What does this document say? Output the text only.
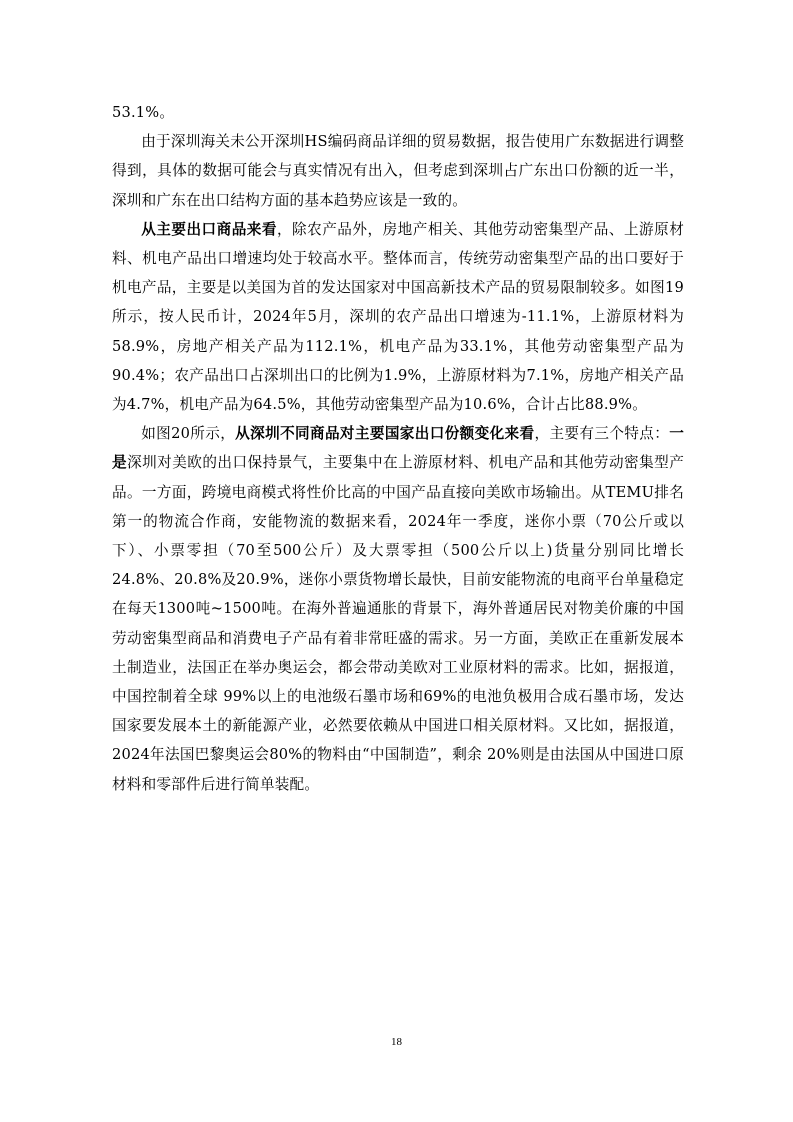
53.1%。

由于深圳海关未公开深圳HS编码商品详细的贸易数据，报告使用广东数据进行调整得到，具体的数据可能会与真实情况有出入，但考虑到深圳占广东出口份额的近一半，深圳和广东在出口结构方面的基本趋势应该是一致的。

从主要出口商品来看，除农产品外，房地产相关、其他劳动密集型产品、上游原材料、机电产品出口增速均处于较高水平。整体而言，传统劳动密集型产品的出口要好于机电产品，主要是以美国为首的发达国家对中国高新技术产品的贸易限制较多。如图19所示，按人民币计，2024年5月，深圳的农产品出口增速为-11.1%，上游原材料为58.9%，房地产相关产品为112.1%，机电产品为33.1%，其他劳动密集型产品为90.4%；农产品出口占深圳出口的比例为1.9%，上游原材料为7.1%，房地产相关产品为4.7%，机电产品为64.5%，其他劳动密集型产品为10.6%，合计占比88.9%。

如图20所示，从深圳不同商品对主要国家出口份额变化来看，主要有三个特点：一是深圳对美欧的出口保持景气，主要集中在上游原材料、机电产品和其他劳动密集型产品。一方面，跨境电商模式将性价比高的中国产品直接向美欧市场输出。从TEMU排名第一的物流合作商，安能物流的数据来看，2024年一季度，迷你小票（70公斤或以下）、小票零担（70至500公斤）及大票零担（500公斤以上)货量分别同比增长24.8%、20.8%及20.9%，迷你小票货物增长最快，目前安能物流的电商平台单量稳定在每天1300吨~1500吨。在海外普遍通胀的背景下，海外普通居民对物美价廉的中国劳动密集型商品和消费电子产品有着非常旺盛的需求。另一方面，美欧正在重新发展本土制造业，法国正在举办奥运会，都会带动美欧对工业原材料的需求。比如，据报道，中国控制着全球 99%以上的电池级石墨市场和69%的电池负极用合成石墨市场，发达国家要发展本土的新能源产业，必然要依赖从中国进口相关原材料。又比如，据报道，2024年法国巴黎奥运会80%的物料由“中国制造”，剩余 20%则是由法国从中国进口原材料和零部件后进行简单装配。

18
